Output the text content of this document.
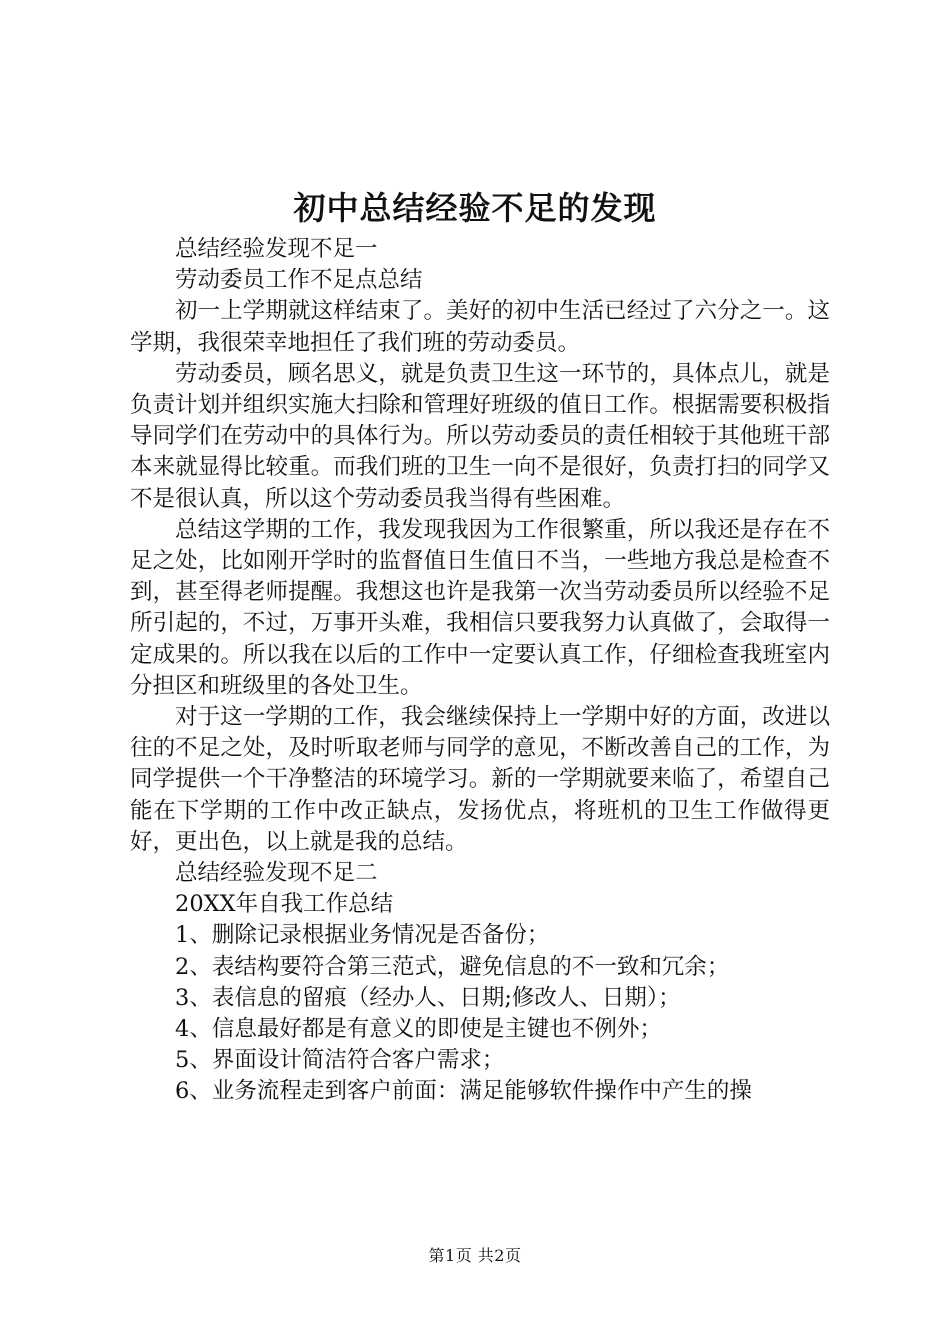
初中总结经验不足的发现

总结经验发现不足一

劳动委员工作不足点总结

初一上学期就这样结束了。美好的初中生活已经过了六分之一。这学期，我很荣幸地担任了我们班的劳动委员。

劳动委员，顾名思义，就是负责卫生这一环节的，具体点儿，就是负责计划并组织实施大扫除和管理好班级的值日工作。根据需要积极指导同学们在劳动中的具体行为。所以劳动委员的责任相较于其他班干部本来就显得比较重。而我们班的卫生一向不是很好，负责打扫的同学又不是很认真，所以这个劳动委员我当得有些困难。

总结这学期的工作，我发现我因为工作很繁重，所以我还是存在不足之处，比如刚开学时的监督值日生值日不当，一些地方我总是检查不到，甚至得老师提醒。我想这也许是我第一次当劳动委员所以经验不足所引起的，不过，万事开头难，我相信只要我努力认真做了，会取得一定成果的。所以我在以后的工作中一定要认真工作，仔细检查我班室内分担区和班级里的各处卫生。

对于这一学期的工作，我会继续保持上一学期中好的方面，改进以往的不足之处，及时听取老师与同学的意见，不断改善自己的工作，为同学提供一个干净整洁的环境学习。新的一学期就要来临了，希望自己能在下学期的工作中改正缺点，发扬优点，将班机的卫生工作做得更好，更出色，以上就是我的总结。

总结经验发现不足二

20XX年自我工作总结

1、删除记录根据业务情况是否备份；

2、表结构要符合第三范式，避免信息的不一致和冗余；

3、表信息的留痕（经办人、日期;修改人、日期）；

4、信息最好都是有意义的即使是主键也不例外；

5、界面设计简洁符合客户需求；

6、业务流程走到客户前面：满足能够软件操作中产生的操

第1页 共2页
